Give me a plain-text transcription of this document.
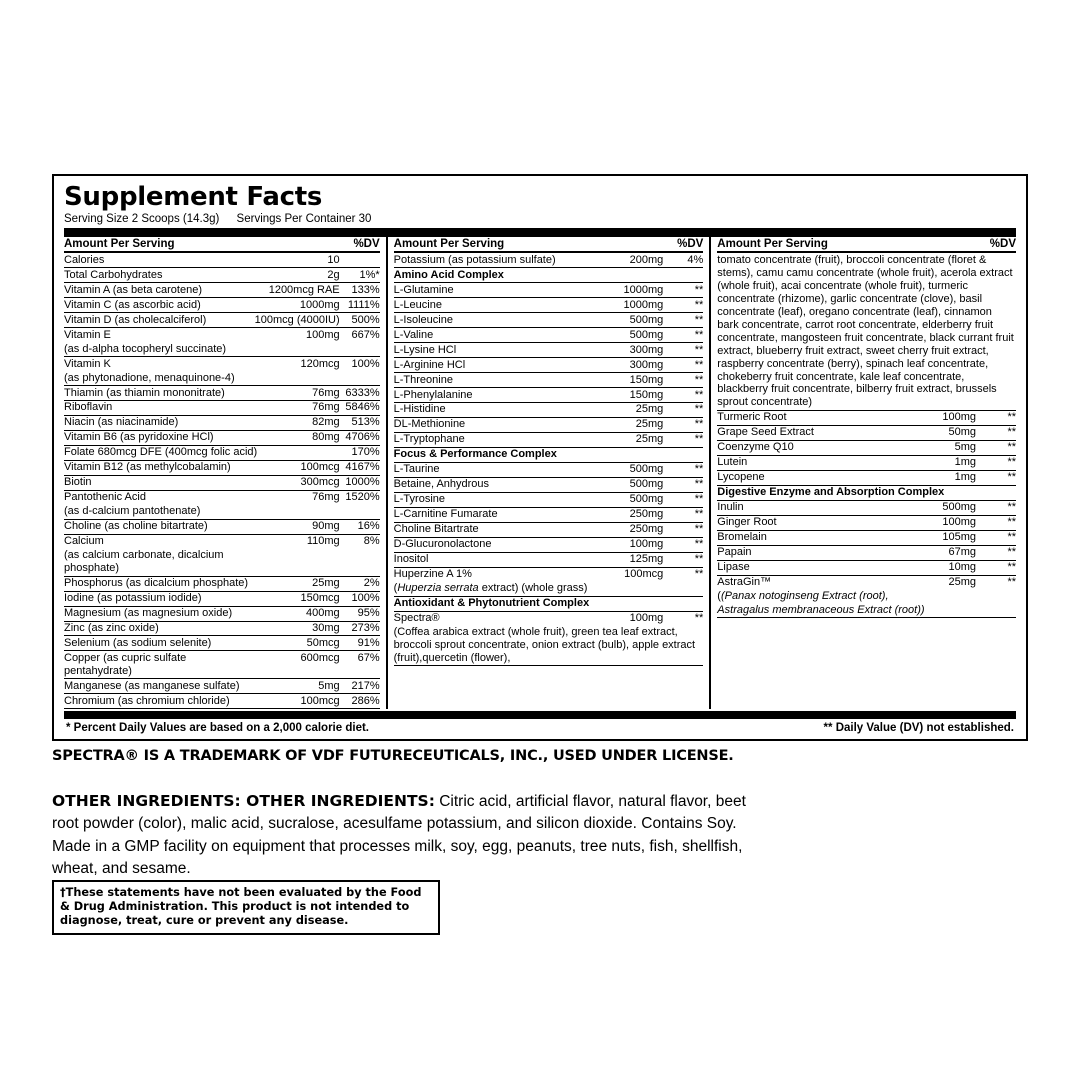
Supplement Facts
Serving Size 2 Scoops (14.3g) Servings Per Container 30
Amount Per Serving	%DV
Calories	10	
Total Carbohydrates	2g	1%*
Vitamin A (as beta carotene)	1200mcg RAE	133%
Vitamin C (as ascorbic acid)	1000mg	1111%
Vitamin D (as cholecalciferol)	100mcg (4000IU)	500%
Vitamin E	100mg	667%
(as d-alpha tocopheryl succinate)		
Vitamin K	120mcg	100%
(as phytonadione, menaquinone-4)		
Thiamin (as thiamin mononitrate)	76mg	6333%
Riboflavin	76mg	5846%
Niacin (as niacinamide)	82mg	513%
Vitamin B6 (as pyridoxine HCl)	80mg	4706%
Folate 680mcg DFE (400mcg folic acid)		170%
Vitamin B12 (as methylcobalamin)	100mcg	4167%
Biotin	300mcg	1000%
Pantothenic Acid	76mg	1520%
(as d-calcium pantothenate)		
Choline (as choline bitartrate)	90mg	16%
Calcium	110mg	8%
(as calcium carbonate, dicalcium phosphate)		
Phosphorus (as dicalcium phosphate)	25mg	2%
Iodine (as potassium iodide)	150mcg	100%
Magnesium (as magnesium oxide)	400mg	95%
Zinc (as zinc oxide)	30mg	273%
Selenium (as sodium selenite)	50mcg	91%
Copper (as cupric sulfate pentahydrate)	600mcg	67%
Manganese (as manganese sulfate)	5mg	217%
Chromium (as chromium chloride)	100mcg	286%
Amount Per Serving	%DV
Potassium (as potassium sulfate)	200mg	4%
Amino Acid Complex		
L-Glutamine	1000mg	**
L-Leucine	1000mg	**
L-Isoleucine	500mg	**
L-Valine	500mg	**
L-Lysine HCl	300mg	**
L-Arginine HCl	300mg	**
L-Threonine	150mg	**
L-Phenylalanine	150mg	**
L-Histidine	25mg	**
DL-Methionine	25mg	**
L-Tryptophane	25mg	**
Focus & Performance Complex		
L-Taurine	500mg	**
Betaine, Anhydrous	500mg	**
L-Tyrosine	500mg	**
L-Carnitine Fumarate	250mg	**
Choline Bitartrate	250mg	**
D-Glucuronolactone	100mg	**
Inositol	125mg	**
Huperzine A 1%	100mcg	**
(Huperzia serrata extract) (whole grass)		
Antioxidant & Phytonutrient Complex		
Spectra®	100mg	**
(Coffea arabica extract (whole fruit), green tea leaf extract, broccoli sprout concentrate, onion extract (bulb), apple extract (fruit),quercetin (flower),		
Amount Per Serving	%DV
tomato concentrate (fruit), broccoli concentrate (floret & stems), camu camu concentrate (whole fruit), acerola extract (whole fruit), acai concentrate (whole fruit), turmeric concentrate (rhizome), garlic concentrate (clove), basil concentrate (leaf), oregano concentrate (leaf), cinnamon bark concentrate, carrot root concentrate, elderberry fruit concentrate, mangosteen fruit concentrate, black currant fruit extract, blueberry fruit extract, sweet cherry fruit extract, raspberry concentrate (berry), spinach leaf concentrate, chokeberry fruit concentrate, kale leaf concentrate, blackberry fruit concentrate, bilberry fruit extract, brussels sprout concentrate)		
Turmeric Root	100mg	**
Grape Seed Extract	50mg	**
Coenzyme Q10	5mg	**
Lutein	1mg	**
Lycopene	1mg	**
Digestive Enzyme and Absorption Complex		
Inulin	500mg	**
Ginger Root	100mg	**
Bromelain	105mg	**
Papain	67mg	**
Lipase	10mg	**
AstraGin™	25mg	**
((Panax notoginseng Extract (root),		
Astragalus membranaceous Extract (root))		
* Percent Daily Values are based on a 2,000 calorie diet.	** Daily Value (DV) not established.
SPECTRA® IS A TRADEMARK OF VDF FUTURECEUTICALS, INC., USED UNDER LICENSE.
OTHER INGREDIENTS: OTHER INGREDIENTS: Citric acid, artificial flavor, natural flavor, beet root powder (color), malic acid, sucralose, acesulfame potassium, and silicon dioxide. Contains Soy. Made in a GMP facility on equipment that processes milk, soy, egg, peanuts, tree nuts, fish, shellfish, wheat, and sesame.
†These statements have not been evaluated by the Food & Drug Administration. This product is not intended to diagnose, treat, cure or prevent any disease.
